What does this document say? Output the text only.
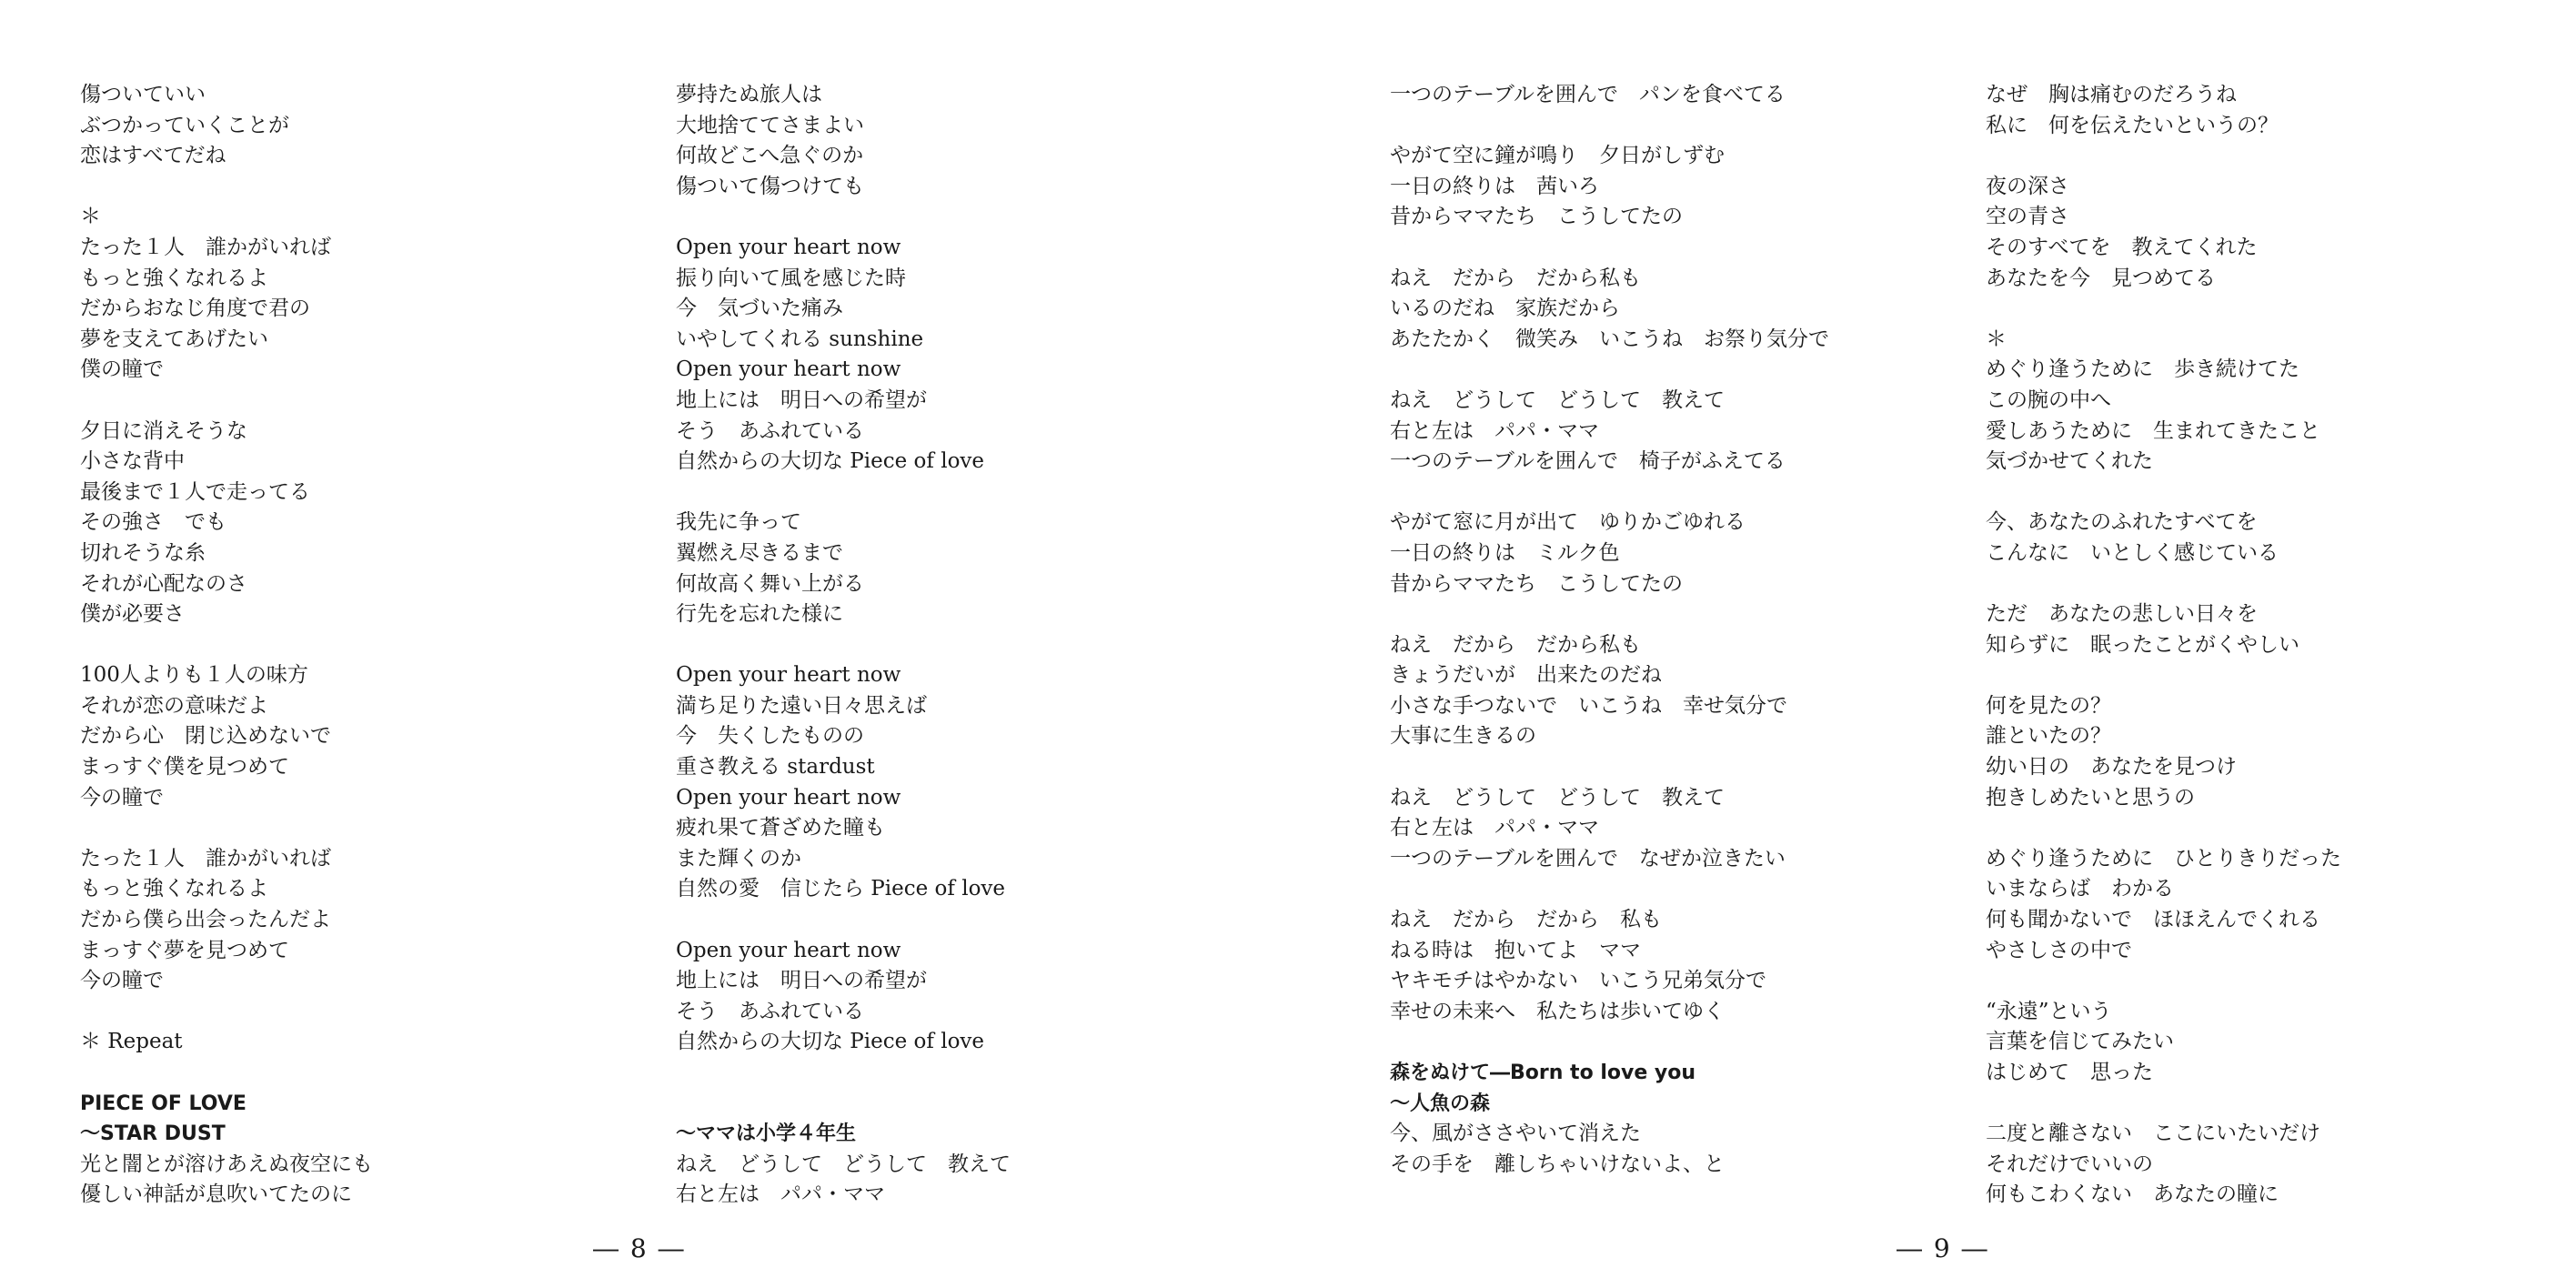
傷ついていい
ぶつかっていくことが
恋はすべてだね
＊
たった１人　誰かがいれば
もっと強くなれるよ
だからおなじ角度で君の
夢を支えてあげたい
僕の瞳で
夕日に消えそうな
小さな背中
最後まで１人で走ってる
その強さ　でも
切れそうな糸
それが心配なのさ
僕が必要さ
100人よりも１人の味方
それが恋の意味だよ
だから心　閉じ込めないで
まっすぐ僕を見つめて
今の瞳で
たった１人　誰かがいれば
もっと強くなれるよ
だから僕ら出会ったんだよ
まっすぐ夢を見つめて
今の瞳で
＊ Repeat
PIECE OF LOVE
～STAR DUST
光と闇とが溶けあえぬ夜空にも
優しい神話が息吹いてたのに
夢持たぬ旅人は
大地捨ててさまよい
何故どこへ急ぐのか
傷ついて傷つけても
Open your heart now
振り向いて風を感じた時
今　気づいた痛み
いやしてくれる sunshine
Open your heart now
地上には　明日への希望が
そう　あふれている
自然からの大切な Piece of love
我先に争って
翼燃え尽きるまで
何故高く舞い上がる
行先を忘れた様に
Open your heart now
満ち足りた遠い日々思えば
今　失くしたものの
重さ教える stardust
Open your heart now
疲れ果て蒼ざめた瞳も
また輝くのか
自然の愛　信じたら Piece of love
Open your heart now
地上には　明日への希望が
そう　あふれている
自然からの大切な Piece of love
～ママは小学４年生
ねえ　どうして　どうして　教えて
右と左は　パパ・ママ
一つのテーブルを囲んで　パンを食べてる
やがて空に鐘が鳴り　夕日がしずむ
一日の終りは　茜いろ
昔からママたち　こうしてたの
ねえ　だから　だから私も
いるのだね　家族だから
あたたかく　微笑み　いこうね　お祭り気分で
ねえ　どうして　どうして　教えて
右と左は　パパ・ママ
一つのテーブルを囲んで　椅子がふえてる
やがて窓に月が出て　ゆりかごゆれる
一日の終りは　ミルク色
昔からママたち　こうしてたの
ねえ　だから　だから私も
きょうだいが　出来たのだね
小さな手つないで　いこうね　幸せ気分で
大事に生きるの
ねえ　どうして　どうして　教えて
右と左は　パパ・ママ
一つのテーブルを囲んで　なぜか泣きたい
ねえ　だから　だから　私も
ねる時は　抱いてよ　ママ
ヤキモチはやかない　いこう兄弟気分で
幸せの未来へ　私たちは歩いてゆく
森をぬけて―Born to love you
～人魚の森
今、風がささやいて消えた
その手を　離しちゃいけないよ、と
なぜ　胸は痛むのだろうね
私に　何を伝えたいというの？
夜の深さ
空の青さ
そのすべてを　教えてくれた
あなたを今　見つめてる
＊
めぐり逢うために　歩き続けてた
この腕の中へ
愛しあうために　生まれてきたこと
気づかせてくれた
今、あなたのふれたすべてを
こんなに　いとしく感じている
ただ　あなたの悲しい日々を
知らずに　眠ったことがくやしい
何を見たの？
誰といたの？
幼い日の　あなたを見つけ
抱きしめたいと思うの
めぐり逢うために　ひとりきりだった
いまならば　わかる
何も聞かないで　ほほえんでくれる
やさしさの中で
“永遠”という
言葉を信じてみたい
はじめて　思った
二度と離さない　ここにいたいだけ
それだけでいいの
何もこわくない　あなたの瞳に
― 8 ―	― 9 ―
